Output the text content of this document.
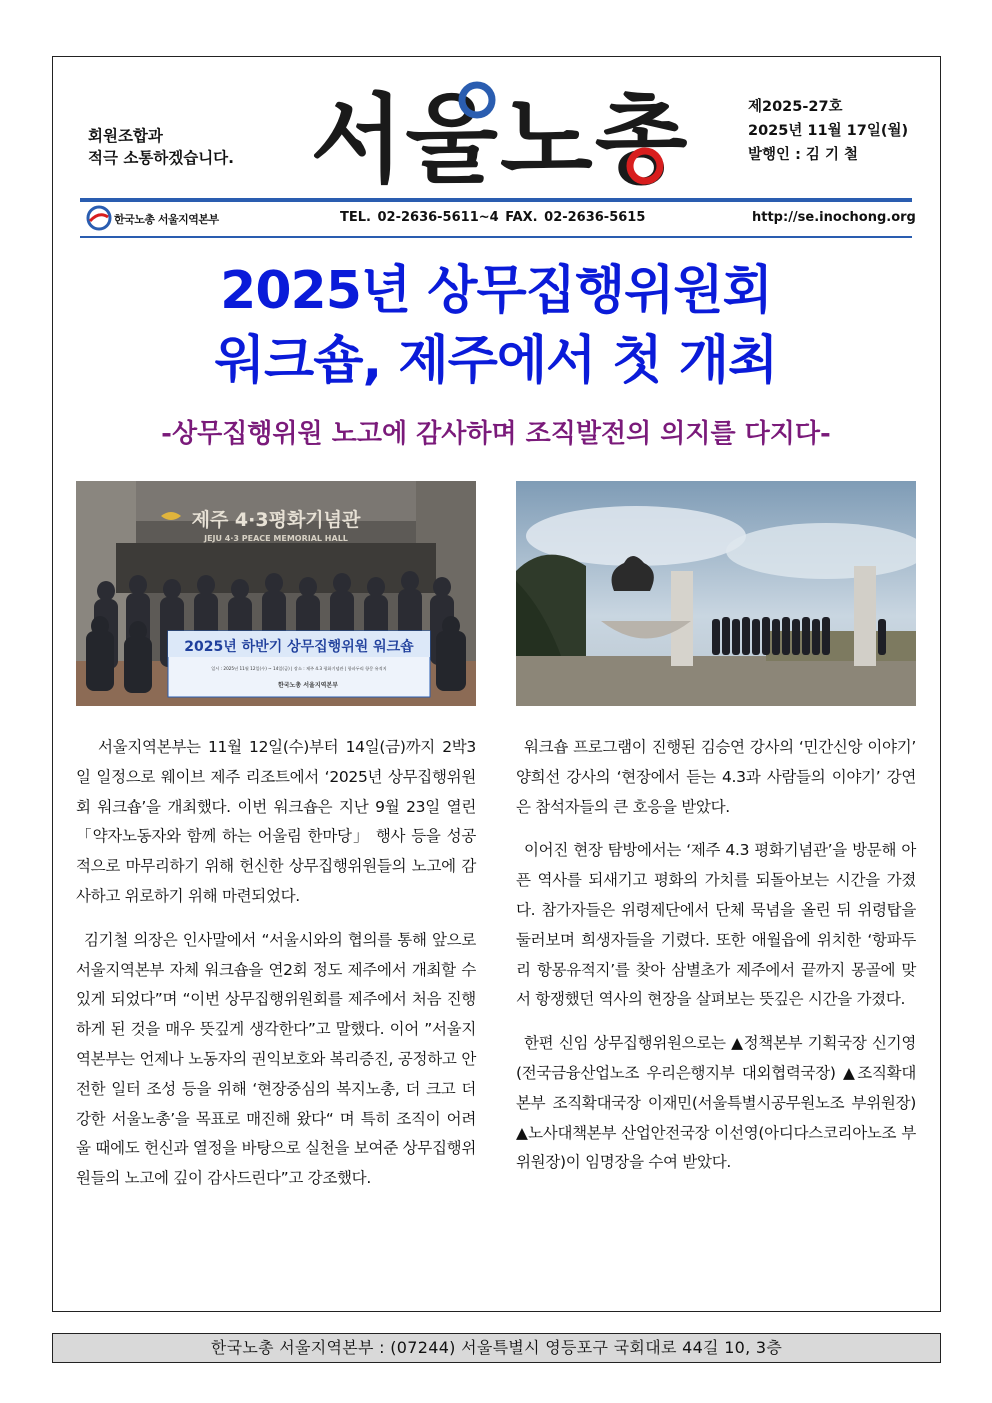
회원조합과
적극 소통하겠습니다. 서울노총	제2025-27호
2025년 11월 17일(월)
발행인 : 김 기 철
한국노총 서울지역본부	TEL. 02-2636-5611~4 FAX. 02-2636-5615	http://se.inochong.org
2025년 상무집행위원회
워크숍, 제주에서 첫 개최
-상무집행위원 노고에 감사하며 조직발전의 의지를 다지다-
제주 4·3평화기념관
JEJU 4·3 PEACE MEMORIAL HALL
2025년 하반기 상무집행위원 워크숍
일시 : 2025년 11월 12일(수) ~ 14일(금) | 장소 : 제주 4.3 평화기념관 | 항파두리 항몽 유적지
한국노총 서울지역본부

서울지역본부는 11월 12일(수)부터 14일(금)까지 2박3일 일정으로 웨이브 제주 리조트에서 ‘2025년 상무집행위원회 워크숍’을 개최했다. 이번 워크숍은 지난 9월 23일 열린 「약자노동자와 함께 하는 어울림 한마당」 행사 등을 성공적으로 마무리하기 위해 헌신한 상무집행위원들의 노고에 감사하고 위로하기 위해 마련되었다.

김기철 의장은 인사말에서 “서울시와의 협의를 통해 앞으로 서울지역본부 자체 워크숍을 연2회 정도 제주에서 개최할 수 있게 되었다”며 “이번 상무집행위원회를 제주에서 처음 진행하게 된 것을 매우 뜻깊게 생각한다”고 말했다. 이어 ”서울지역본부는 언제나 노동자의 권익보호와 복리증진, 공정하고 안전한 일터 조성 등을 위해 ‘현장중심의 복지노총, 더 크고 더 강한 서울노총’을 목표로 매진해 왔다“ 며 특히 조직이 어려울 때에도 헌신과 열정을 바탕으로 실천을 보여준 상무집행위원들의 노고에 깊이 감사드린다”고 강조했다.

워크숍 프로그램이 진행된 김승연 강사의 ‘민간신앙 이야기’ 양희선 강사의 ‘현장에서 듣는 4.3과 사람들의 이야기’ 강연은 참석자들의 큰 호응을 받았다.

이어진 현장 탐방에서는 ‘제주 4.3 평화기념관’을 방문해 아픈 역사를 되새기고 평화의 가치를 되돌아보는 시간을 가졌다. 참가자들은 위령제단에서 단체 묵념을 올린 뒤 위령탑을 둘러보며 희생자들을 기렸다. 또한 애월읍에 위치한 ‘항파두리 항몽유적지’를 찾아 삼별초가 제주에서 끝까지 몽골에 맞서 항쟁했던 역사의 현장을 살펴보는 뜻깊은 시간을 가졌다.

한편 신임 상무집행위원으로는 ▲정책본부 기획국장 신기영(전국금융산업노조 우리은행지부 대외협력국장) ▲조직확대본부 조직확대국장 이재민(서울특별시공무원노조 부위원장) ▲노사대책본부 산업안전국장 이선영(아디다스코리아노조 부위원장)이 임명장을 수여 받았다.

한국노총 서울지역본부 : (07244) 서울특별시 영등포구 국회대로 44길 10, 3층
